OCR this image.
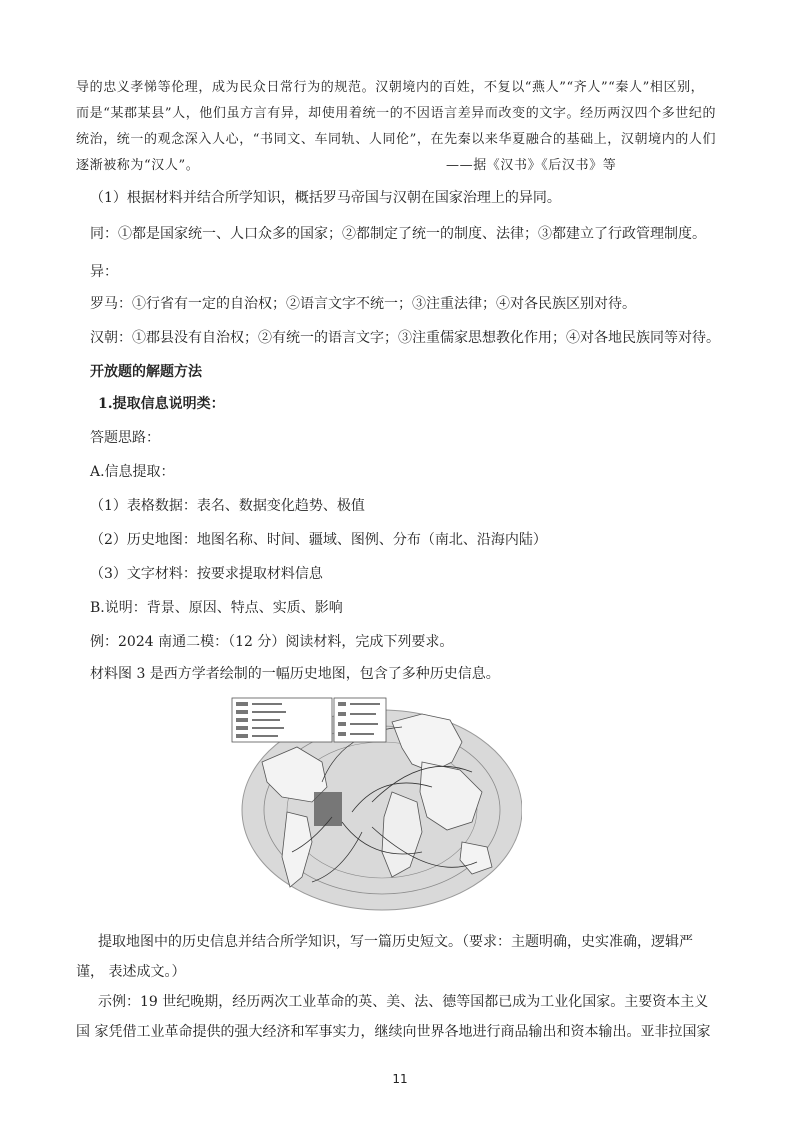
导的忠义孝悌等伦理，成为民众日常行为的规范。汉朝境内的百姓，不复以“燕人”“齐人”“秦人”相区别，
而是“某郡某县”人，他们虽方言有异，却使用着统一的不因语言差异而改变的文字。经历两汉四个多世纪的
统治，统一的观念深入人心，“书同文、车同轨、人同伦”，在先秦以来华夏融合的基础上，汉朝境内的人们
逐渐被称为“汉人”。	——据《汉书》《后汉书》等
（1）根据材料并结合所学知识，概括罗马帝国与汉朝在国家治理上的异同。
同：①都是国家统一、人口众多的国家；②都制定了统一的制度、法律；③都建立了行政管理制度。
异：
罗马：①行省有一定的自治权；②语言文字不统一；③注重法律；④对各民族区别对待。
汉朝：①郡县没有自治权；②有统一的语言文字；③注重儒家思想教化作用；④对各地民族同等对待。
开放题的解题方法
1.提取信息说明类：
答题思路：
A.信息提取：
（1）表格数据：表名、数据变化趋势、极值
（2）历史地图：地图名称、时间、疆域、图例、分布（南北、沿海内陆）
（3）文字材料：按要求提取材料信息
B.说明：背景、原因、特点、实质、影响
例：2024 南通二模：（12 分）阅读材料，完成下列要求。
材料图 3 是西方学者绘制的一幅历史地图，包含了多种历史信息。
提取地图中的历史信息并结合所学知识，写一篇历史短文。（要求：主题明确，史实准确，逻辑严
谨， 表述成文。）
示例：19 世纪晚期，经历两次工业革命的英、美、法、德等国都已成为工业化国家。主要资本主义
国 家凭借工业革命提供的强大经济和军事实力，继续向世界各地进行商品输出和资本输出。亚非拉国家
11
